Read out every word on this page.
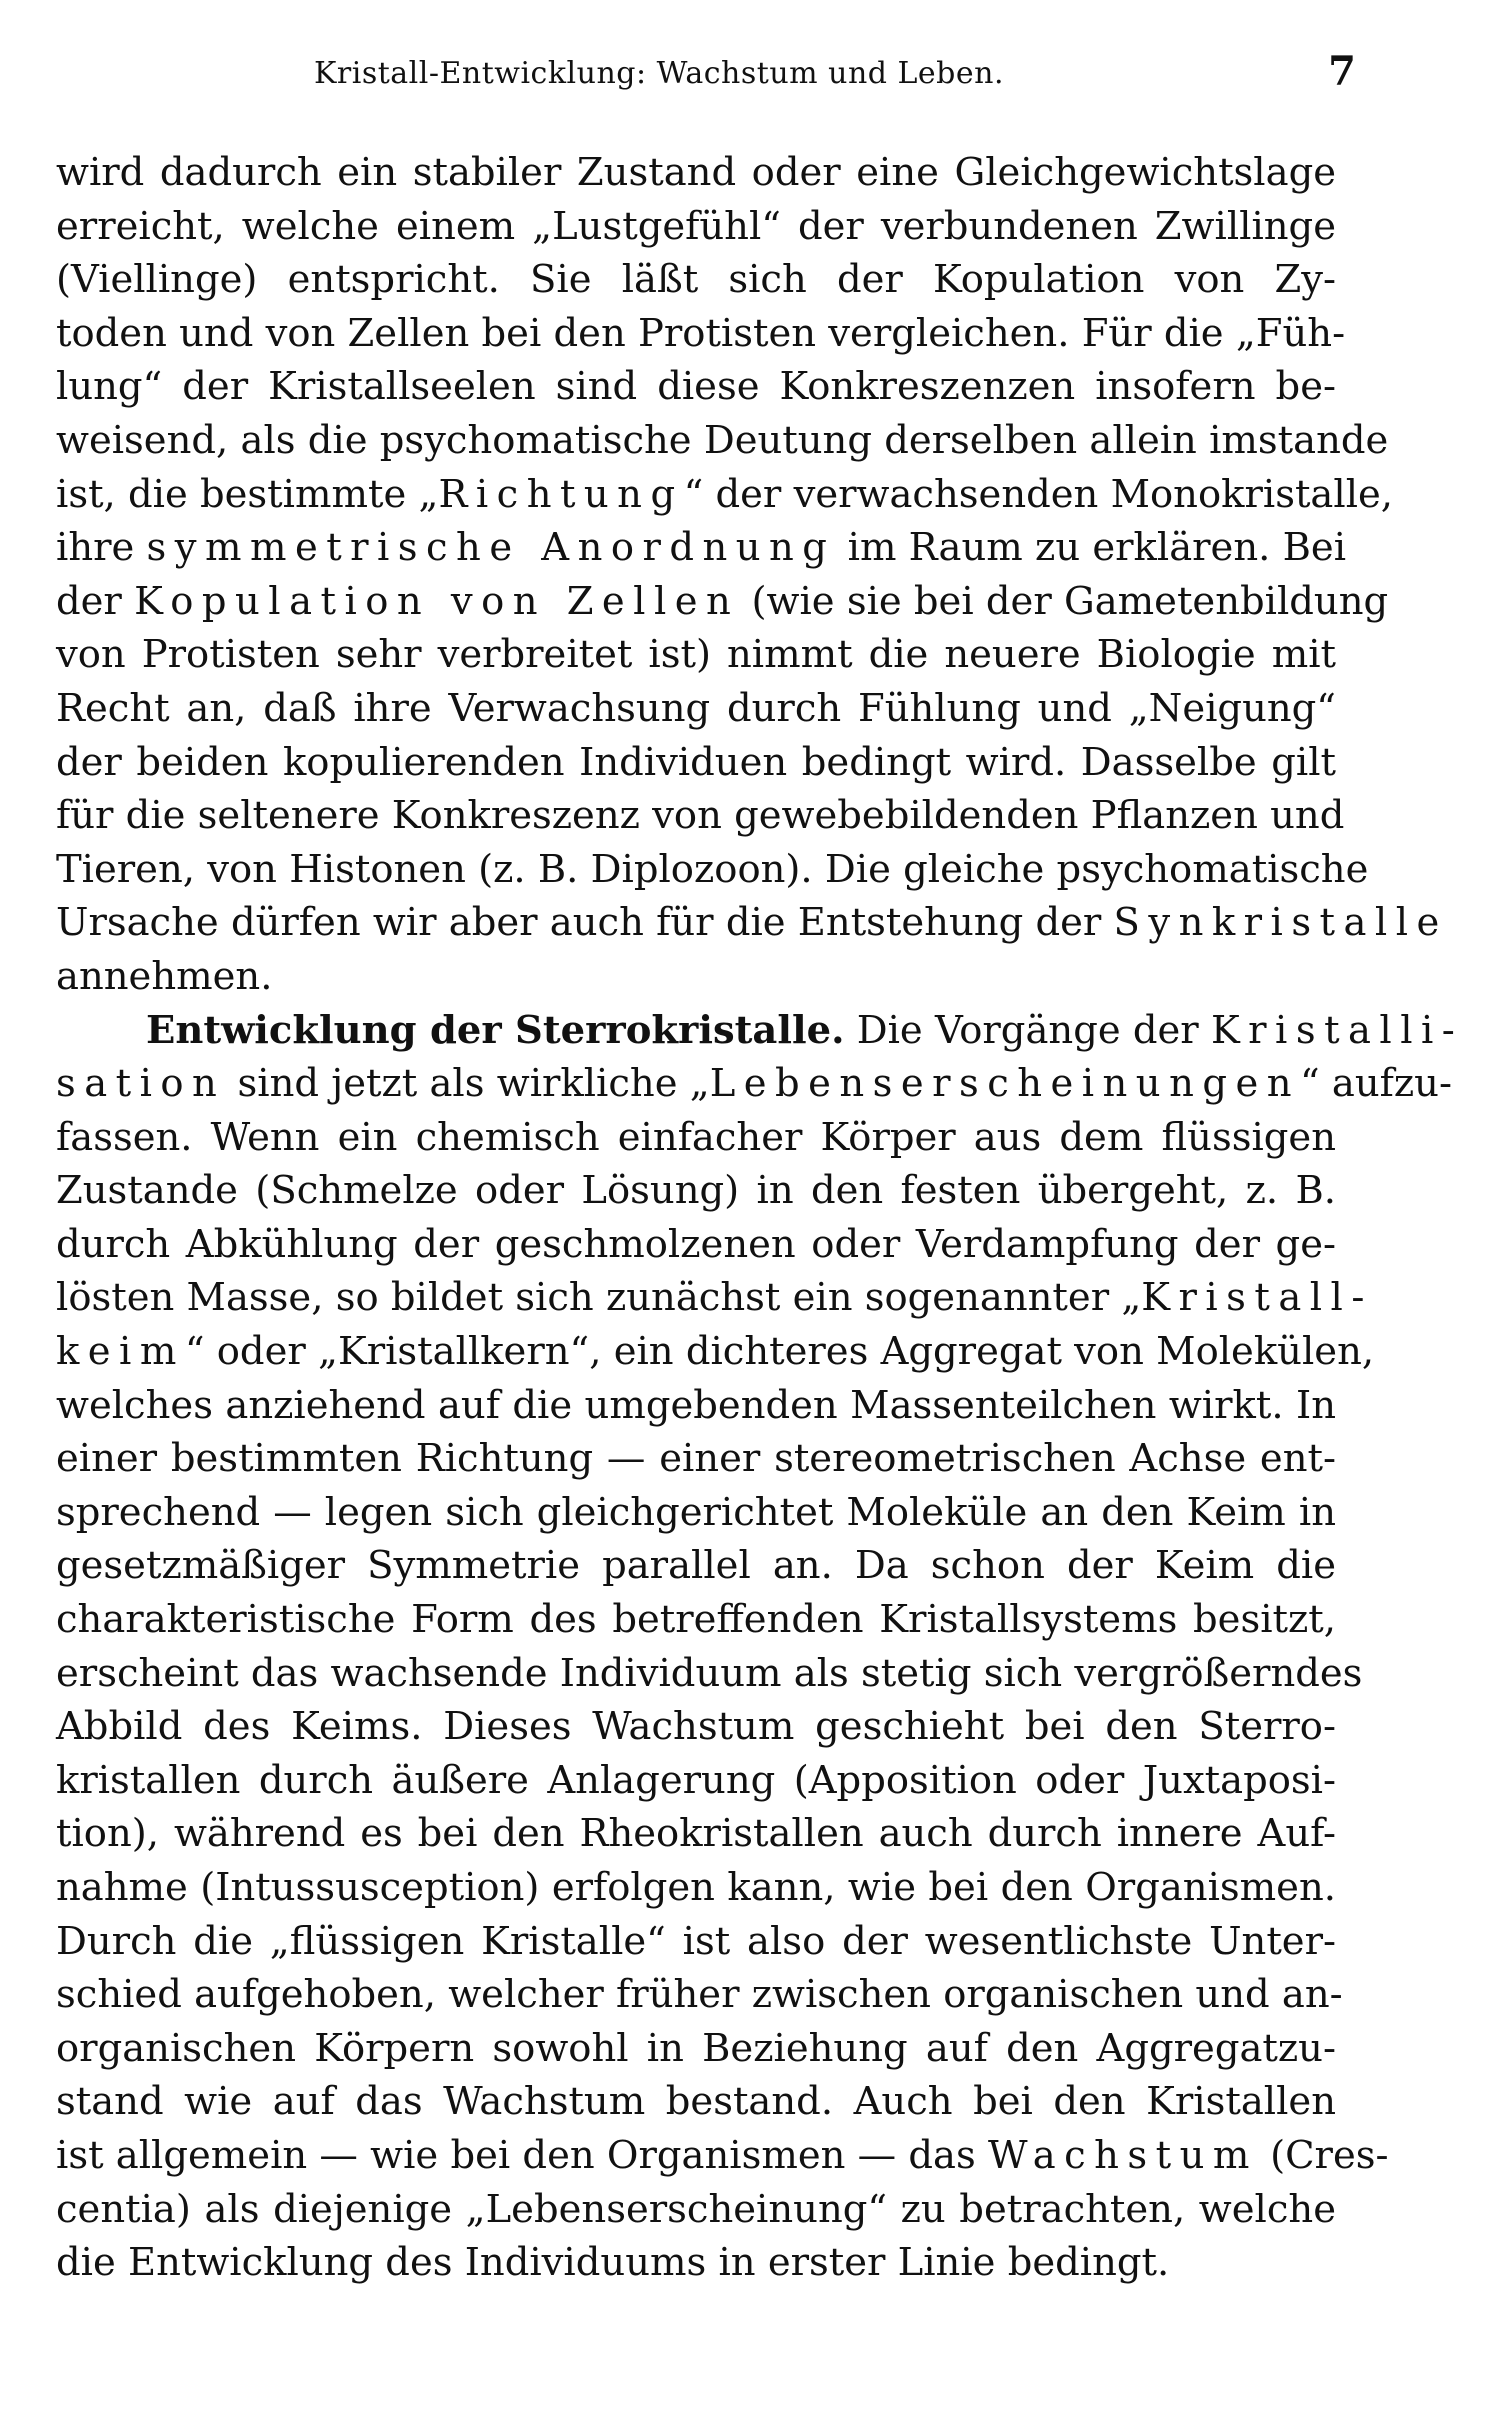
Kristall-Entwicklung: Wachstum und Leben.	7
wird dadurch ein stabiler Zustand oder eine Gleichgewichtslage
erreicht, welche einem „Lustgefühl“ der verbundenen Zwillinge
(Viellinge) entspricht. Sie läßt sich der Kopulation von Zy-
toden und von Zellen bei den Protisten vergleichen. Für die „Füh-
lung“ der Kristallseelen sind diese Konkreszenzen insofern be-
weisend, als die psychomatische Deutung derselben allein imstande
ist, die bestimmte „Richtung“ der verwachsenden Monokristalle,
ihre symmetrische Anordnung im Raum zu erklären. Bei
der Kopulation von Zellen (wie sie bei der Gametenbildung
von Protisten sehr verbreitet ist) nimmt die neuere Biologie mit
Recht an, daß ihre Verwachsung durch Fühlung und „Neigung“
der beiden kopulierenden Individuen bedingt wird. Dasselbe gilt
für die seltenere Konkreszenz von gewebebildenden Pflanzen und
Tieren, von Histonen (z. B. Diplozoon). Die gleiche psychomatische
Ursache dürfen wir aber auch für die Entstehung der Synkristalle
annehmen.
Entwicklung der Sterrokristalle. Die Vorgänge der Kristalli-
sation sind jetzt als wirkliche „Lebenserscheinungen“ aufzu-
fassen. Wenn ein chemisch einfacher Körper aus dem flüssigen
Zustande (Schmelze oder Lösung) in den festen übergeht, z. B.
durch Abkühlung der geschmolzenen oder Verdampfung der ge-
lösten Masse, so bildet sich zunächst ein sogenannter „Kristall-
keim“ oder „Kristallkern“, ein dichteres Aggregat von Molekülen,
welches anziehend auf die umgebenden Massenteilchen wirkt. In
einer bestimmten Richtung — einer stereometrischen Achse ent-
sprechend — legen sich gleichgerichtet Moleküle an den Keim in
gesetzmäßiger Symmetrie parallel an. Da schon der Keim die
charakteristische Form des betreffenden Kristallsystems besitzt,
erscheint das wachsende Individuum als stetig sich vergrößerndes
Abbild des Keims. Dieses Wachstum geschieht bei den Sterro-
kristallen durch äußere Anlagerung (Apposition oder Juxtaposi-
tion), während es bei den Rheokristallen auch durch innere Auf-
nahme (Intussusception) erfolgen kann, wie bei den Organismen.
Durch die „flüssigen Kristalle“ ist also der wesentlichste Unter-
schied aufgehoben, welcher früher zwischen organischen und an-
organischen Körpern sowohl in Beziehung auf den Aggregatzu-
stand wie auf das Wachstum bestand. Auch bei den Kristallen
ist allgemein — wie bei den Organismen — das Wachstum (Cres-
centia) als diejenige „Lebenserscheinung“ zu betrachten, welche
die Entwicklung des Individuums in erster Linie bedingt.
